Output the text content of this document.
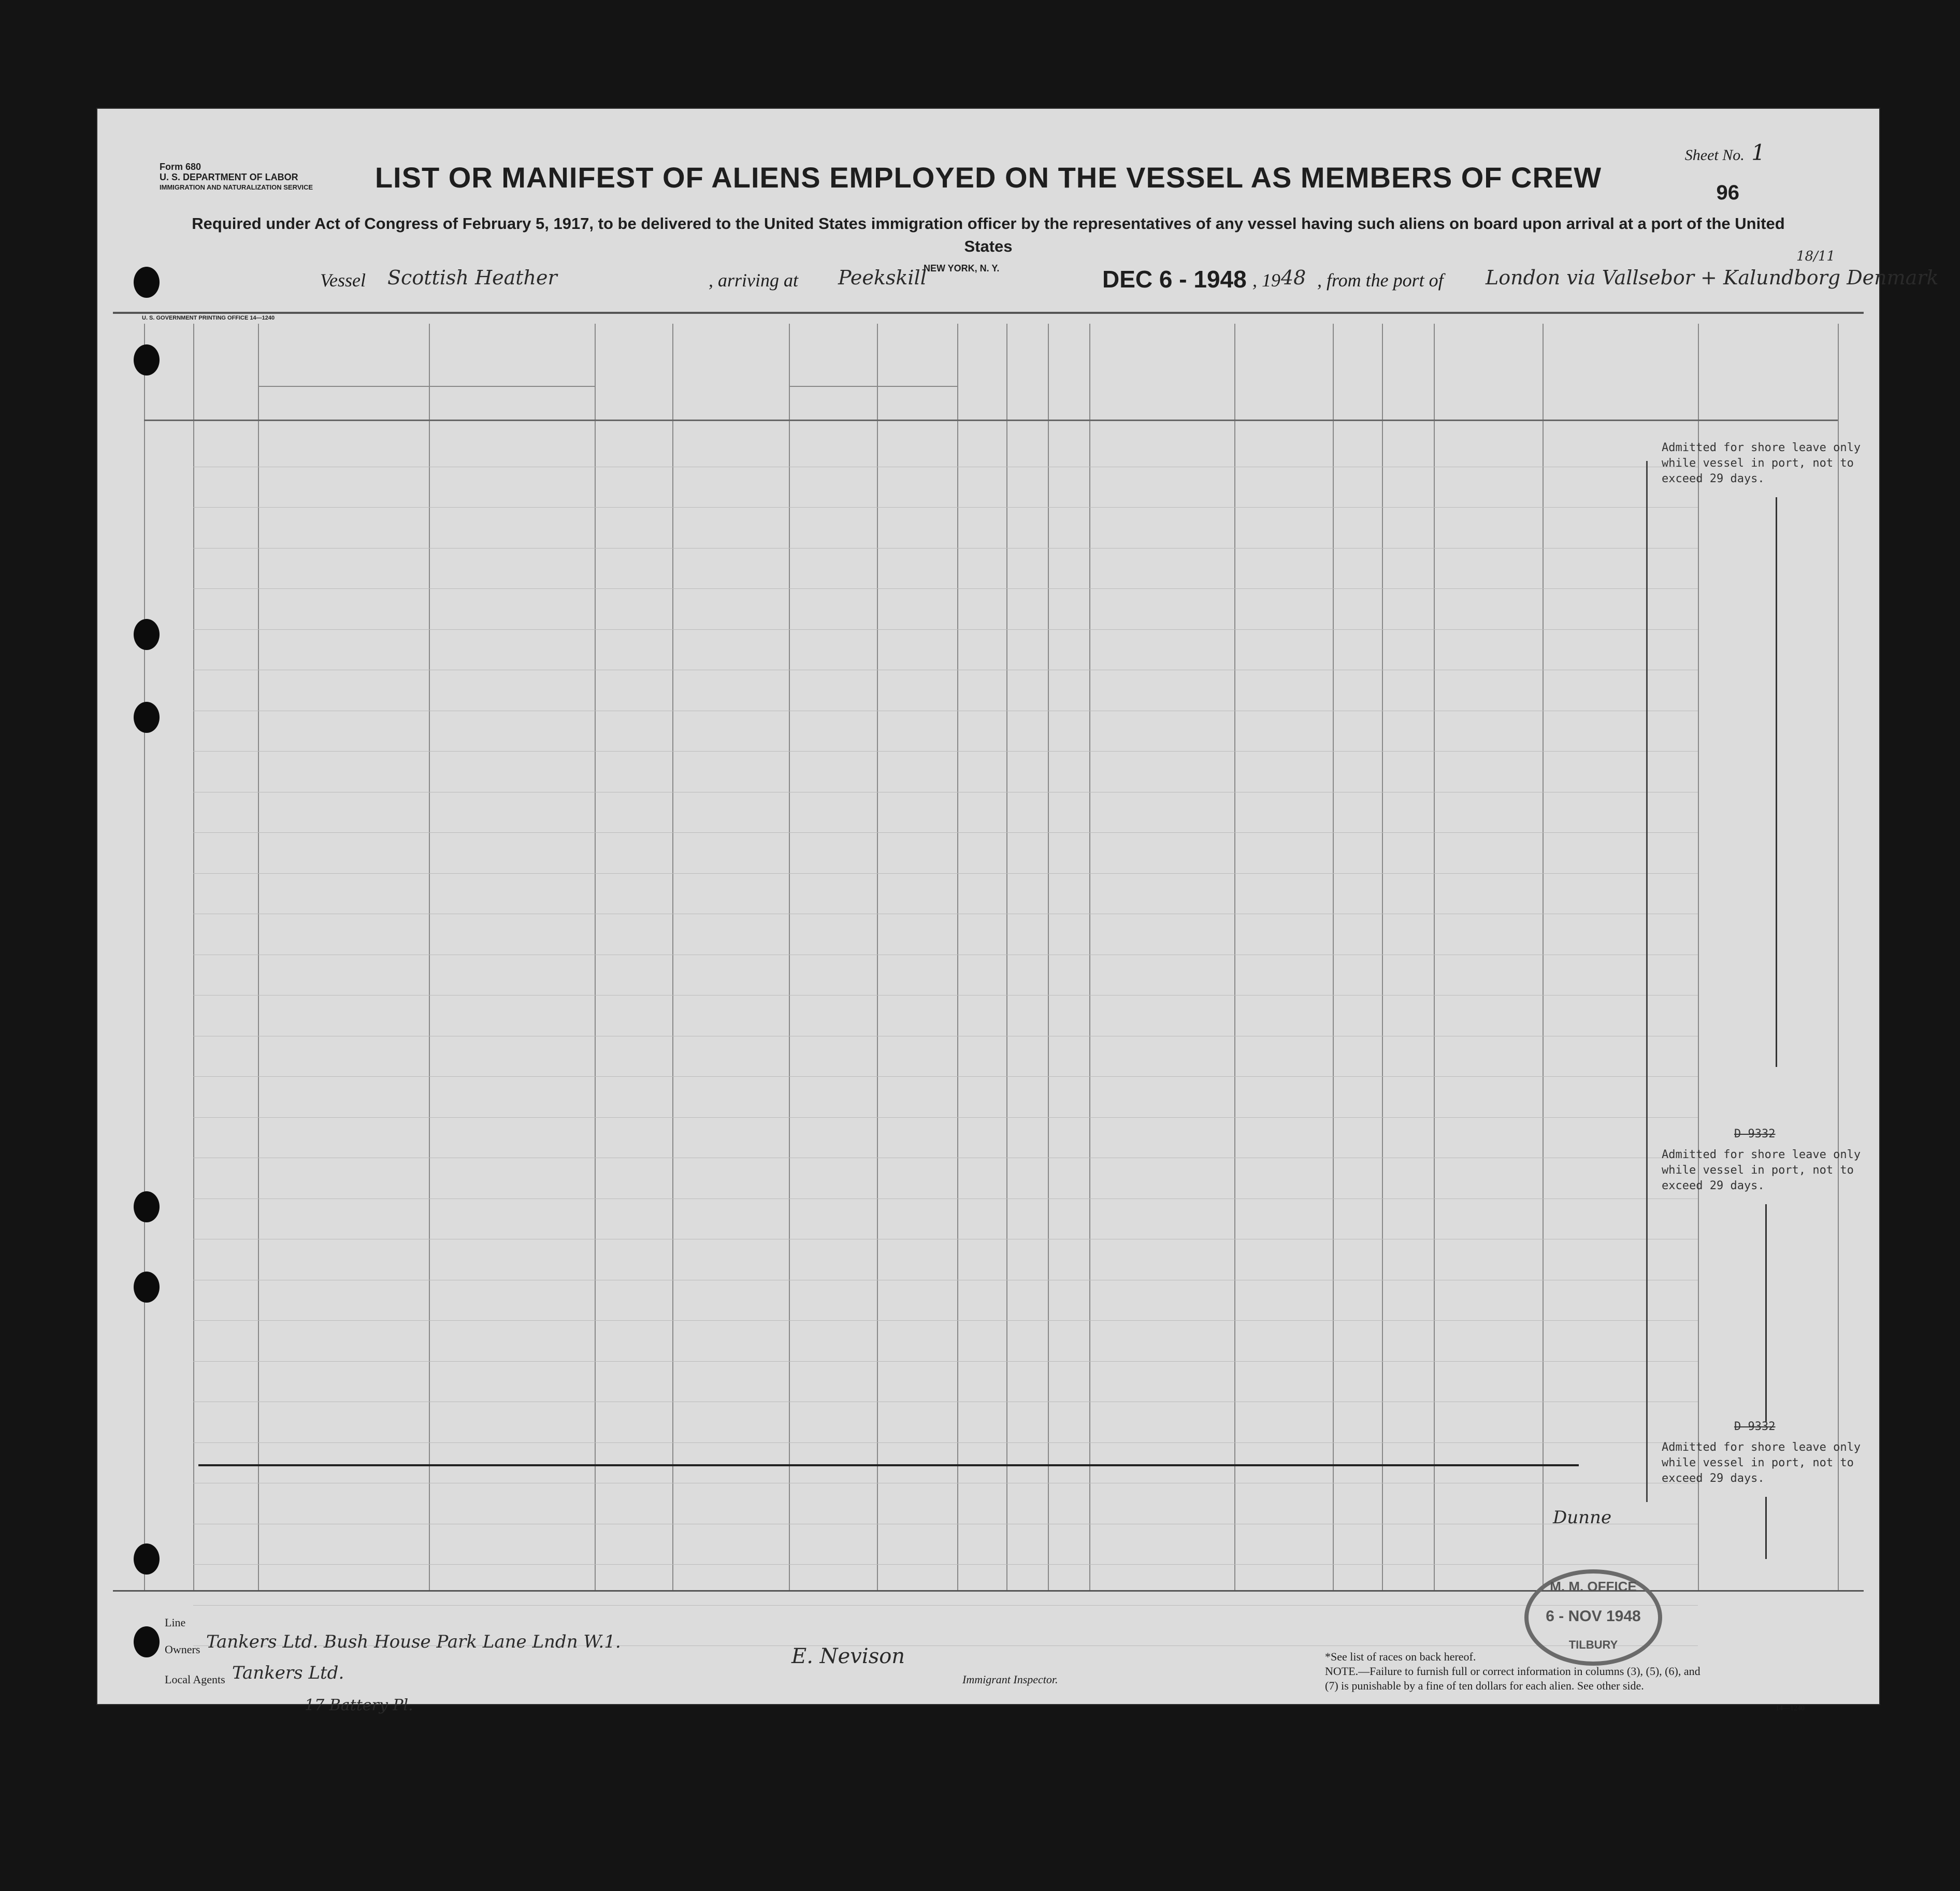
Form 680
U. S. DEPARTMENT OF LABOR
IMMIGRATION AND NATURALIZATION SERVICE
Sheet No. 1
96
LIST OR MANIFEST OF ALIENS EMPLOYED ON THE VESSEL AS MEMBERS OF CREW
Required under Act of Congress of February 5, 1917, to be delivered to the United States immigration officer by the representatives of any vessel having such aliens on board upon arrival at a port of the United States
Vessel Scottish Heather	, arriving at Peekskill
NEW YORK, N. Y.	DEC 6 - 1948 , 19 48 , from the port of London via Vallsebor + Kalundborg Denmark
18/11
U. S. GOVERNMENT PRINTING OFFICE 14—1240
Admitted for shore leave only while vessel in port, not to exceed 29 days.
D-9332
Admitted for shore leave only while vessel in port, not to exceed 29 days.
D-9332
Admitted for shore leave only while vessel in port, not to exceed 29 days.
Line
Owners Tankers Ltd. Bush House Park Lane Lndn W.1.
Local Agents Tankers Ltd.
17 Battery Pl.
E. Nevison
Immigrant Inspector.
*See list of races on back hereof.
NOTE.—Failure to furnish full or correct information in columns (3), (5), (6), and (7) is punishable by a fine of ten dollars for each alien. See other side.
14—1240
M. M. OFFICE
6 - NOV 1948
TILBURY
Dunne
